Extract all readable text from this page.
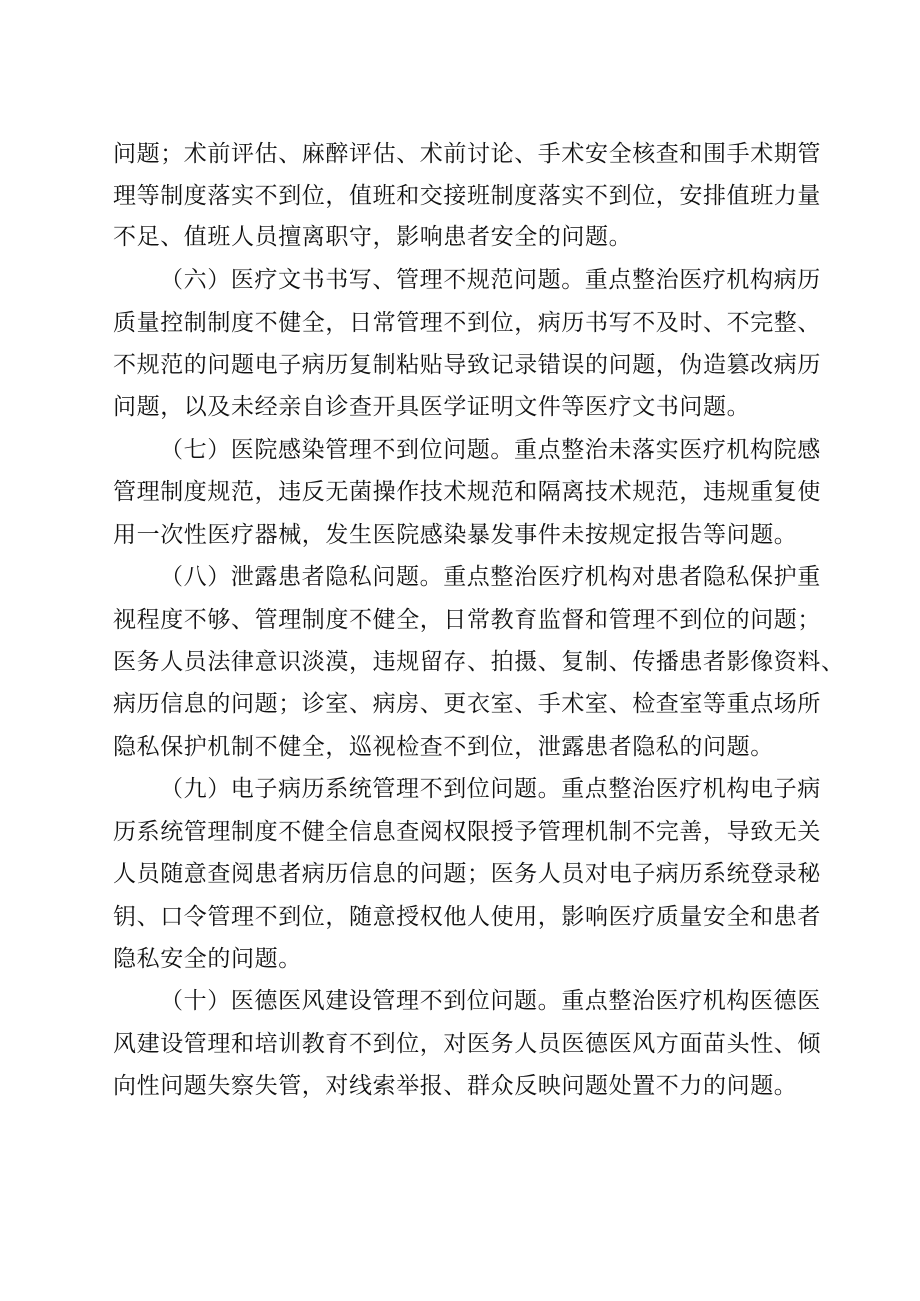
问题；术前评估、麻醉评估、术前讨论、手术安全核查和围手术期管
理等制度落实不到位，值班和交接班制度落实不到位，安排值班力量
不足、值班人员擅离职守，影响患者安全的问题。
（六）医疗文书书写、管理不规范问题。重点整治医疗机构病历
质量控制制度不健全，日常管理不到位，病历书写不及时、不完整、
不规范的问题电子病历复制粘贴导致记录错误的问题，伪造篡改病历
问题，以及未经亲自诊查开具医学证明文件等医疗文书问题。
（七）医院感染管理不到位问题。重点整治未落实医疗机构院感
管理制度规范，违反无菌操作技术规范和隔离技术规范，违规重复使
用一次性医疗器械，发生医院感染暴发事件未按规定报告等问题。
（八）泄露患者隐私问题。重点整治医疗机构对患者隐私保护重
视程度不够、管理制度不健全，日常教育监督和管理不到位的问题；
医务人员法律意识淡漠，违规留存、拍摄、复制、传播患者影像资料、
病历信息的问题；诊室、病房、更衣室、手术室、检查室等重点场所
隐私保护机制不健全，巡视检查不到位，泄露患者隐私的问题。
（九）电子病历系统管理不到位问题。重点整治医疗机构电子病
历系统管理制度不健全信息查阅权限授予管理机制不完善，导致无关
人员随意查阅患者病历信息的问题；医务人员对电子病历系统登录秘
钥、口令管理不到位，随意授权他人使用，影响医疗质量安全和患者
隐私安全的问题。
（十）医德医风建设管理不到位问题。重点整治医疗机构医德医
风建设管理和培训教育不到位，对医务人员医德医风方面苗头性、倾
向性问题失察失管，对线索举报、群众反映问题处置不力的问题。
